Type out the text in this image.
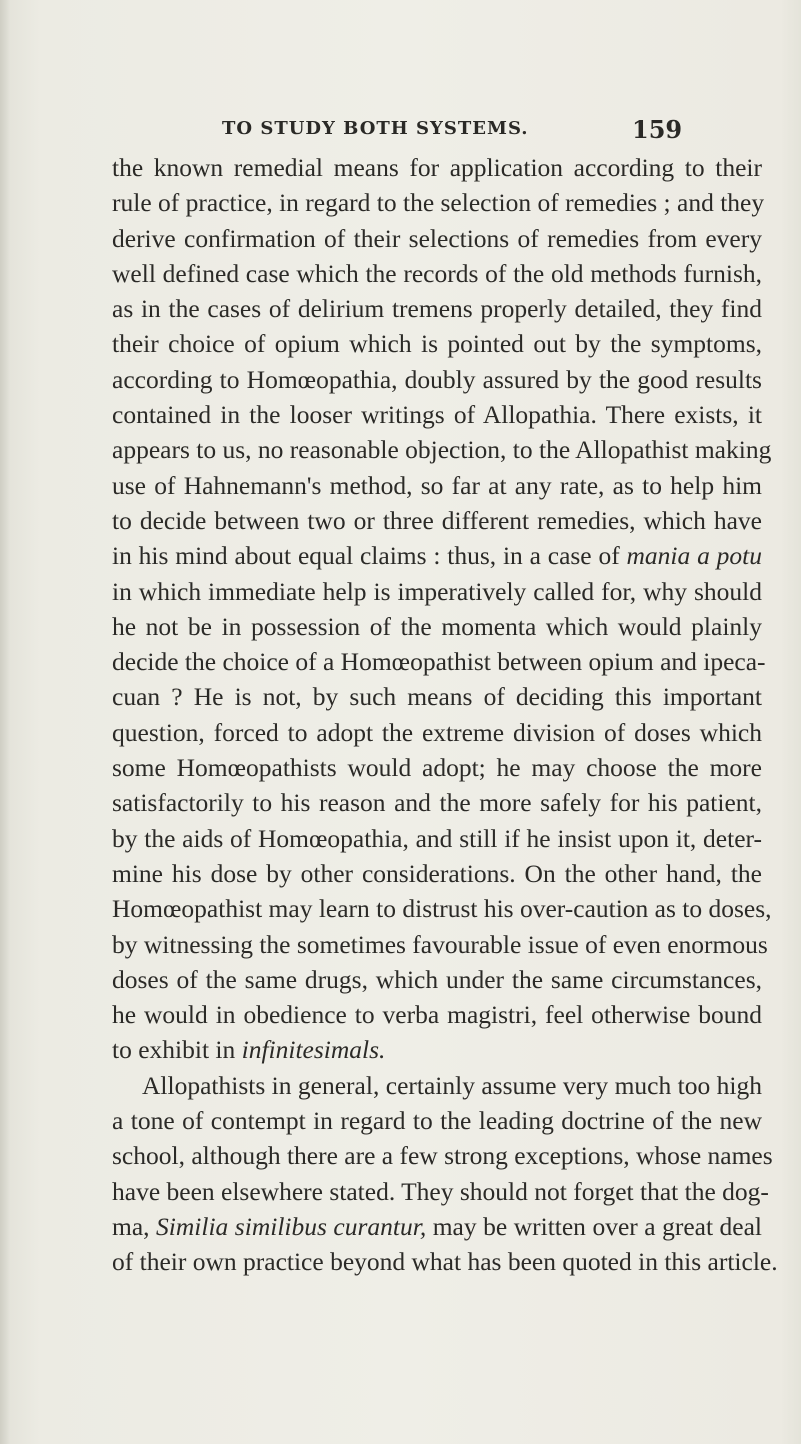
TO STUDY BOTH SYSTEMS.	159
the known remedial means for application according to their
rule of practice, in regard to the selection of remedies ; and they
derive confirmation of their selections of remedies from every
well defined case which the records of the old methods furnish,
as in the cases of delirium tremens properly detailed, they find
their choice of opium which is pointed out by the symptoms,
according to Homœopathia, doubly assured by the good results
contained in the looser writings of Allopathia. There exists, it
appears to us, no reasonable objection, to the Allopathist making
use of Hahnemann's method, so far at any rate, as to help him
to decide between two or three different remedies, which have
in his mind about equal claims : thus, in a case of mania a potu
in which immediate help is imperatively called for, why should
he not be in possession of the momenta which would plainly
decide the choice of a Homœopathist between opium and ipeca-
cuan ? He is not, by such means of deciding this important
question, forced to adopt the extreme division of doses which
some Homœopathists would adopt; he may choose the more
satisfactorily to his reason and the more safely for his patient,
by the aids of Homœopathia, and still if he insist upon it, deter-
mine his dose by other considerations. On the other hand, the
Homœopathist may learn to distrust his over-caution as to doses,
by witnessing the sometimes favourable issue of even enormous
doses of the same drugs, which under the same circumstances,
he would in obedience to verba magistri, feel otherwise bound
to exhibit in infinitesimals.
Allopathists in general, certainly assume very much too high
a tone of contempt in regard to the leading doctrine of the new
school, although there are a few strong exceptions, whose names
have been elsewhere stated. They should not forget that the dog-
ma, Similia similibus curantur, may be written over a great deal
of their own practice beyond what has been quoted in this article.
